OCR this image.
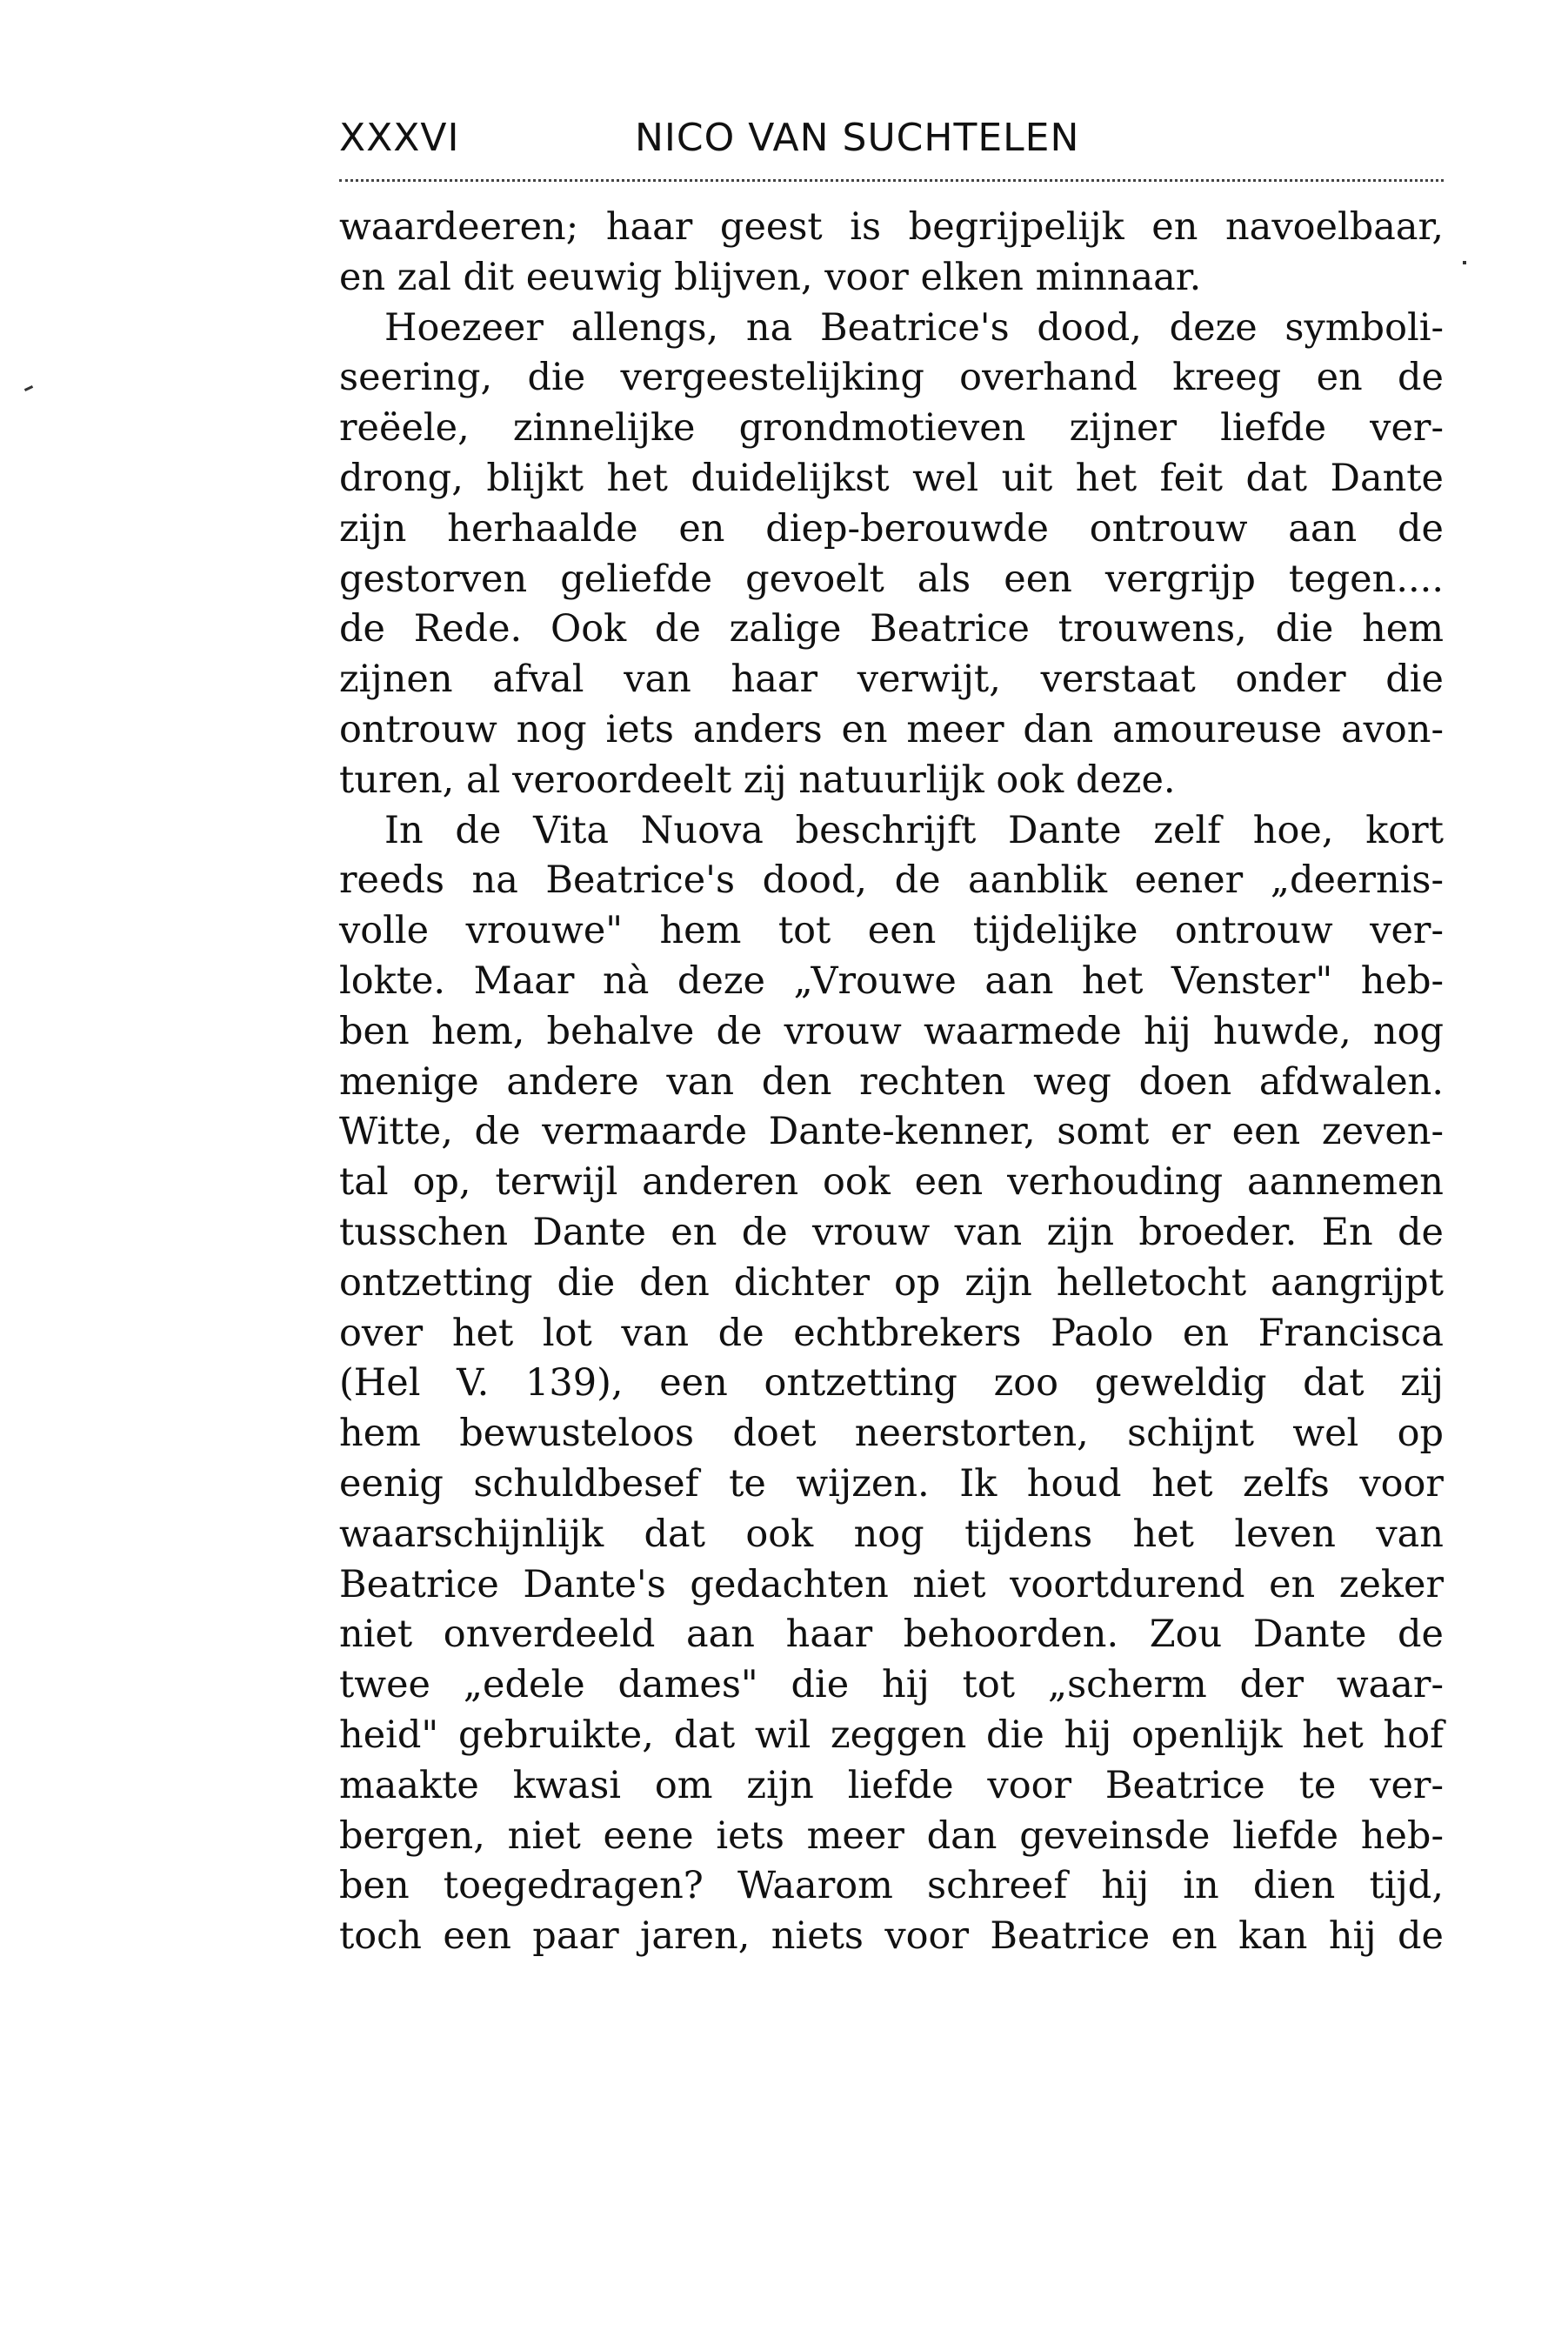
XXXVI	NICO VAN SUCHTELEN
waardeeren; haar geest is begrijpelijk en navoelbaar,
en zal dit eeuwig blijven, voor elken minnaar.
Hoezeer allengs, na Beatrice's dood, deze symboli-
seering, die vergeestelijking overhand kreeg en de
reëele, zinnelijke grondmotieven zijner liefde ver-
drong, blijkt het duidelijkst wel uit het feit dat Dante
zijn herhaalde en diep-berouwde ontrouw aan de
gestorven geliefde gevoelt als een vergrijp tegen....
de Rede. Ook de zalige Beatrice trouwens, die hem
zijnen afval van haar verwijt, verstaat onder die
ontrouw nog iets anders en meer dan amoureuse avon-
turen, al veroordeelt zij natuurlijk ook deze.
In de Vita Nuova beschrijft Dante zelf hoe, kort
reeds na Beatrice's dood, de aanblik eener „deernis-
volle vrouwe" hem tot een tijdelijke ontrouw ver-
lokte. Maar nà deze „Vrouwe aan het Venster" heb-
ben hem, behalve de vrouw waarmede hij huwde, nog
menige andere van den rechten weg doen afdwalen.
Witte, de vermaarde Dante-kenner, somt er een zeven-
tal op, terwijl anderen ook een verhouding aannemen
tusschen Dante en de vrouw van zijn broeder. En de
ontzetting die den dichter op zijn helletocht aangrijpt
over het lot van de echtbrekers Paolo en Francisca
(Hel V. 139), een ontzetting zoo geweldig dat zij
hem bewusteloos doet neerstorten, schijnt wel op
eenig schuldbesef te wijzen. Ik houd het zelfs voor
waarschijnlijk dat ook nog tijdens het leven van
Beatrice Dante's gedachten niet voortdurend en zeker
niet onverdeeld aan haar behoorden. Zou Dante de
twee „edele dames" die hij tot „scherm der waar-
heid" gebruikte, dat wil zeggen die hij openlijk het hof
maakte kwasi om zijn liefde voor Beatrice te ver-
bergen, niet eene iets meer dan geveinsde liefde heb-
ben toegedragen? Waarom schreef hij in dien tijd,
toch een paar jaren, niets voor Beatrice en kan hij de
